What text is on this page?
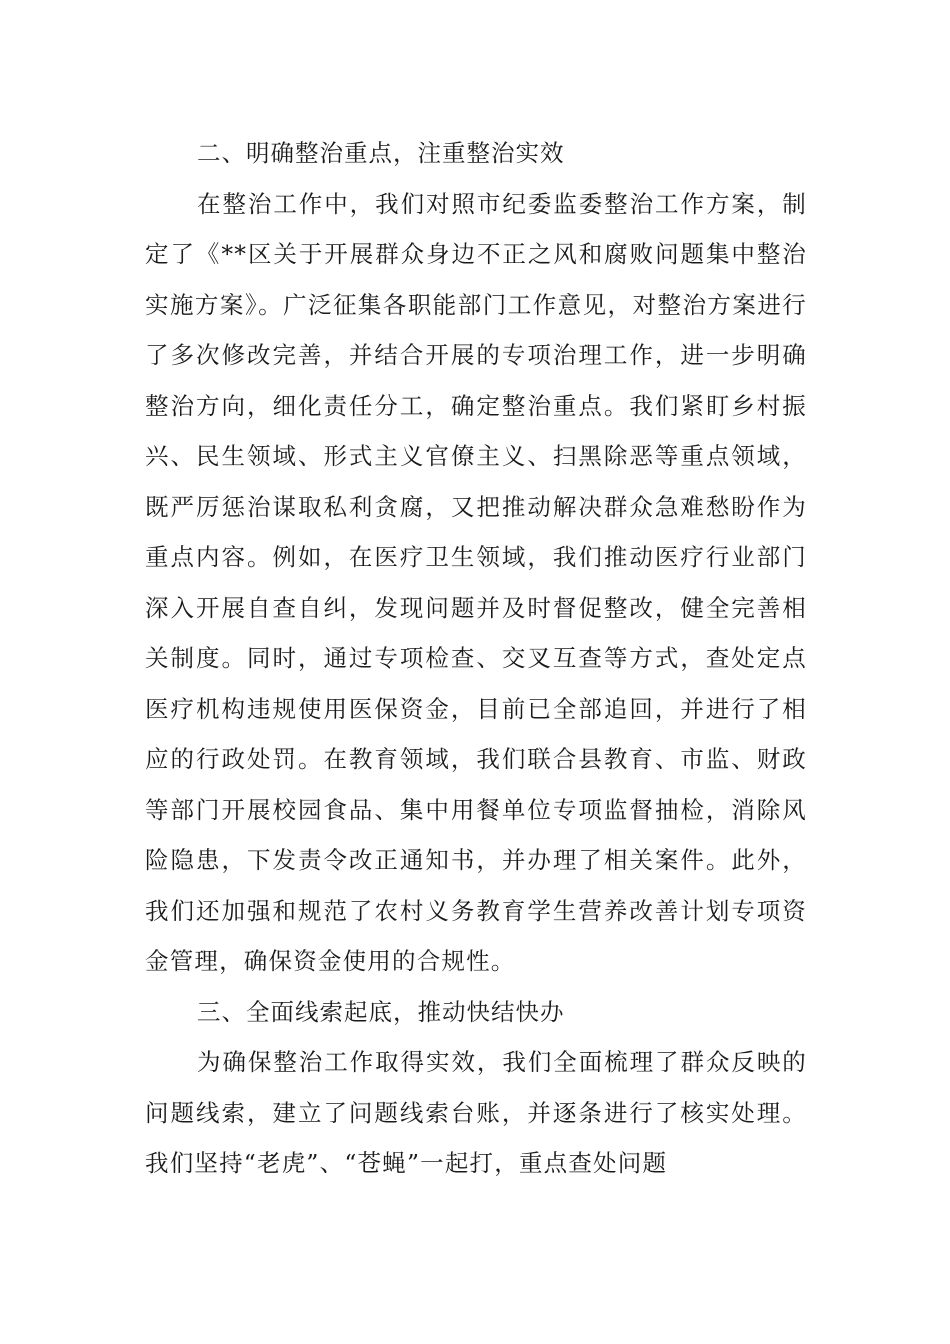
二、明确整治重点，注重整治实效

在整治工作中，我们对照市纪委监委整治工作方案，制定了《**区关于开展群众身边不正之风和腐败问题集中整治实施方案》。广泛征集各职能部门工作意见，对整治方案进行了多次修改完善，并结合开展的专项治理工作，进一步明确整治方向，细化责任分工，确定整治重点。我们紧盯乡村振兴、民生领域、形式主义官僚主义、扫黑除恶等重点领域，既严厉惩治谋取私利贪腐，又把推动解决群众急难愁盼作为重点内容。例如，在医疗卫生领域，我们推动医疗行业部门深入开展自查自纠，发现问题并及时督促整改，健全完善相关制度。同时，通过专项检查、交叉互查等方式，查处定点医疗机构违规使用医保资金，目前已全部追回，并进行了相应的行政处罚。在教育领域，我们联合县教育、市监、财政等部门开展校园食品、集中用餐单位专项监督抽检，消除风险隐患，下发责令改正通知书，并办理了相关案件。此外，我们还加强和规范了农村义务教育学生营养改善计划专项资金管理，确保资金使用的合规性。

三、全面线索起底，推动快结快办

为确保整治工作取得实效，我们全面梳理了群众反映的问题线索，建立了问题线索台账，并逐条进行了核实处理。我们坚持“老虎”、“苍蝇”一起打，重点查处问题
